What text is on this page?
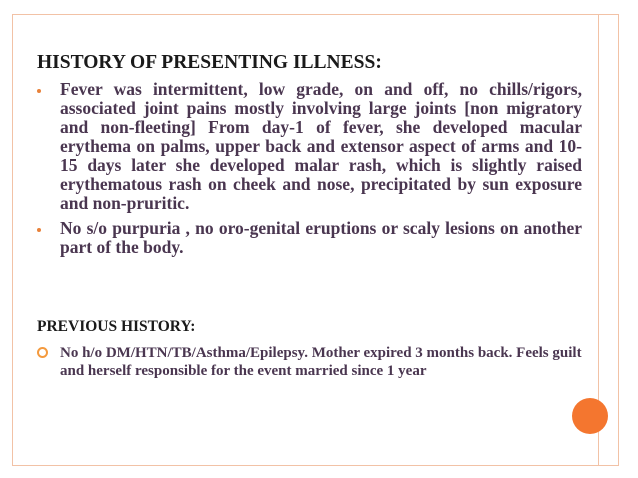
HISTORY OF PRESENTING ILLNESS:
Fever was intermittent, low grade, on and off, no chills/rigors, associated joint pains mostly involving large joints [non migratory and non-fleeting] From day-1 of fever, she developed macular erythema on palms, upper back and extensor aspect of arms and 10-15 days later she developed malar rash, which is slightly raised erythematous rash on cheek and nose, precipitated by sun exposure and non-pruritic.
No s/o purpuria , no oro-genital eruptions or scaly lesions on another part of the body.
PREVIOUS HISTORY:
No h/o DM/HTN/TB/Asthma/Epilepsy. Mother expired 3 months back. Feels guilt and herself responsible for the event married since 1 year
